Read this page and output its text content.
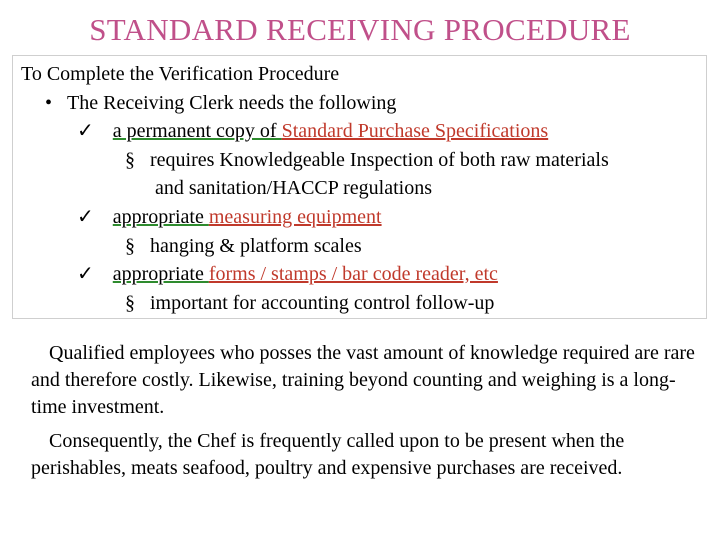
STANDARD RECEIVING PROCEDURE
To Complete the Verification Procedure
• The Receiving Clerk needs the following
✓ a permanent copy of Standard Purchase Specifications
§ requires Knowledgeable Inspection of both raw materials
and sanitation/HACCP regulations
✓ appropriate measuring equipment
§ hanging & platform scales
✓ appropriate forms / stamps / bar code reader, etc
§ important for accounting control follow-up
Qualified employees who posses the vast amount of knowledge required are rare and therefore costly. Likewise, training beyond counting and weighing is a long-time investment.
Consequently, the Chef is frequently called upon to be present when the perishables, meats seafood, poultry and expensive purchases are received.
